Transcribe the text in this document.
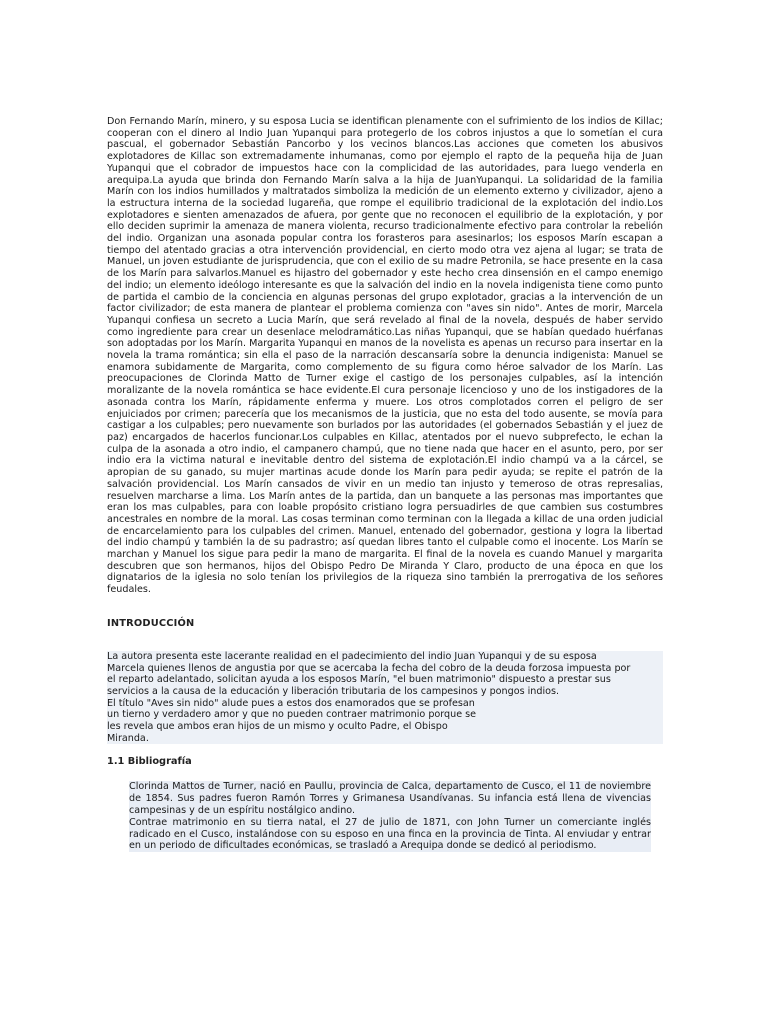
Don Fernando Marín, minero, y su esposa Lucia se identifican plenamente con el sufrimiento de los indios de Killac; cooperan con el dinero al Indio Juan Yupanqui para protegerlo de los cobros injustos a que lo sometían el cura pascual, el gobernador Sebastián Pancorbo y los vecinos blancos.Las acciones que cometen los abusivos explotadores de Killac son extremadamente inhumanas, como por ejemplo el rapto de la pequeña hija de Juan Yupanqui que el cobrador de impuestos hace con la complicidad de las autoridades, para luego venderla en arequipa.La ayuda que brinda don Fernando Marín salva a la hija de JuanYupanqui. La solidaridad de la familia Marín con los indios humillados y maltratados simboliza la medición de un elemento externo y civilizador, ajeno a la estructura interna de la sociedad lugareña, que rompe el equilibrio tradicional de la explotación del indio.Los explotadores e sienten amenazados de afuera, por gente que no reconocen el equilibrio de la explotación, y por ello deciden suprimir la amenaza de manera violenta, recurso tradicionalmente efectivo para controlar la rebelión del indio. Organizan una asonada popular contra los forasteros para asesinarlos; los esposos Marín escapan a tiempo del atentado gracias a otra intervención providencial, en cierto modo otra vez ajena al lugar; se trata de Manuel, un joven estudiante de jurisprudencia, que con el exilio de su madre Petronila, se hace presente en la casa de los Marín para salvarlos.Manuel es hijastro del gobernador y este hecho crea dinsensión en el campo enemigo del indio; un elemento ideólogo interesante es que la salvación del indio en la novela indigenista tiene como punto de partida el cambio de la conciencia en algunas personas del grupo explotador, gracias a la intervención de un factor civilizador; de esta manera de plantear el problema comienza con "aves sin nido". Antes de morir, Marcela Yupanqui confiesa un secreto a Lucia Marín, que será revelado al final de la novela, después de haber servido como ingrediente para crear un desenlace melodramático.Las niñas Yupanqui, que se habían quedado huérfanas son adoptadas por los Marín. Margarita Yupanqui en manos de la novelista es apenas un recurso para insertar en la novela la trama romántica; sin ella el paso de la narración descansaría sobre la denuncia indigenista: Manuel se enamora subidamente de Margarita, como complemento de su figura como héroe salvador de los Marín. Las preocupaciones de Clorinda Matto de Turner exige el castigo de los personajes culpables, así la intención moralizante de la novela romántica se hace evidente.El cura personaje licencioso y uno de los instigadores de la asonada contra los Marín, rápidamente enferma y muere. Los otros complotados corren el peligro de ser enjuiciados por crimen; parecería que los mecanismos de la justicia, que no esta del todo ausente, se movía para castigar a los culpables; pero nuevamente son burlados por las autoridades (el gobernados Sebastián y el juez de paz) encargados de hacerlos funcionar.Los culpables en Killac, atentados por el nuevo subprefecto, le echan la culpa de la asonada a otro indio, el campanero champú, que no tiene nada que hacer en el asunto, pero, por ser indio era la victima natural e inevitable dentro del sistema de explotación.El indio champú va a la cárcel, se apropian de su ganado, su mujer martinas acude donde los Marín para pedir ayuda; se repite el patrón de la salvación providencial. Los Marín cansados de vivir en un medio tan injusto y temeroso de otras represalias, resuelven marcharse a lima. Los Marín antes de la partida, dan un banquete a las personas mas importantes que eran los mas culpables, para con loable propósito cristiano logra persuadirles de que cambien sus costumbres ancestrales en nombre de la moral. Las cosas terminan como terminan con la llegada a killac de una orden judicial de encarcelamiento para los culpables del crimen. Manuel, entenado del gobernador, gestiona y logra la libertad del indio champú y también la de su padrastro; así quedan libres tanto el culpable como el inocente. Los Marín se marchan y Manuel los sigue para pedir la mano de margarita. El final de la novela es cuando Manuel y margarita descubren que son hermanos, hijos del Obispo Pedro De Miranda Y Claro, producto de una época en que los dignatarios de la iglesia no solo tenían los privilegios de la riqueza sino también la prerrogativa de los señores feudales.

INTRODUCCIÓN
La autora presenta este lacerante realidad en el padecimiento del indio Juan Yupanqui y de su esposa
Marcela quienes llenos de angustia por que se acercaba la fecha del cobro de la deuda forzosa impuesta por
el reparto adelantado, solicitan ayuda a los esposos Marín, "el buen matrimonio" dispuesto a prestar sus
servicios a la causa de la educación y liberación tributaria de los campesinos y pongos indios.
El título "Aves sin nido" alude pues a estos dos enamorados que se profesan
un tierno y verdadero amor y que no pueden contraer matrimonio porque se
les revela que ambos eran hijos de un mismo y oculto Padre, el Obispo
Miranda.
1.1 Bibliografía
Clorinda Mattos de Turner, nació en Paullu, provincia de Calca, departamento de Cusco, el 11 de noviembre de 1854. Sus padres fueron Ramón Torres y Grimanesa Usandívanas. Su infancia está llena de vivencias campesinas y de un espíritu nostálgico andino.
Contrae matrimonio en su tierra natal, el 27 de julio de 1871, con John Turner un comerciante inglés radicado en el Cusco, instalándose con su esposo en una finca en la provincia de Tinta. Al enviudar y entrar en un periodo de dificultades económicas, se trasladó a Arequipa donde se dedicó al periodismo.
